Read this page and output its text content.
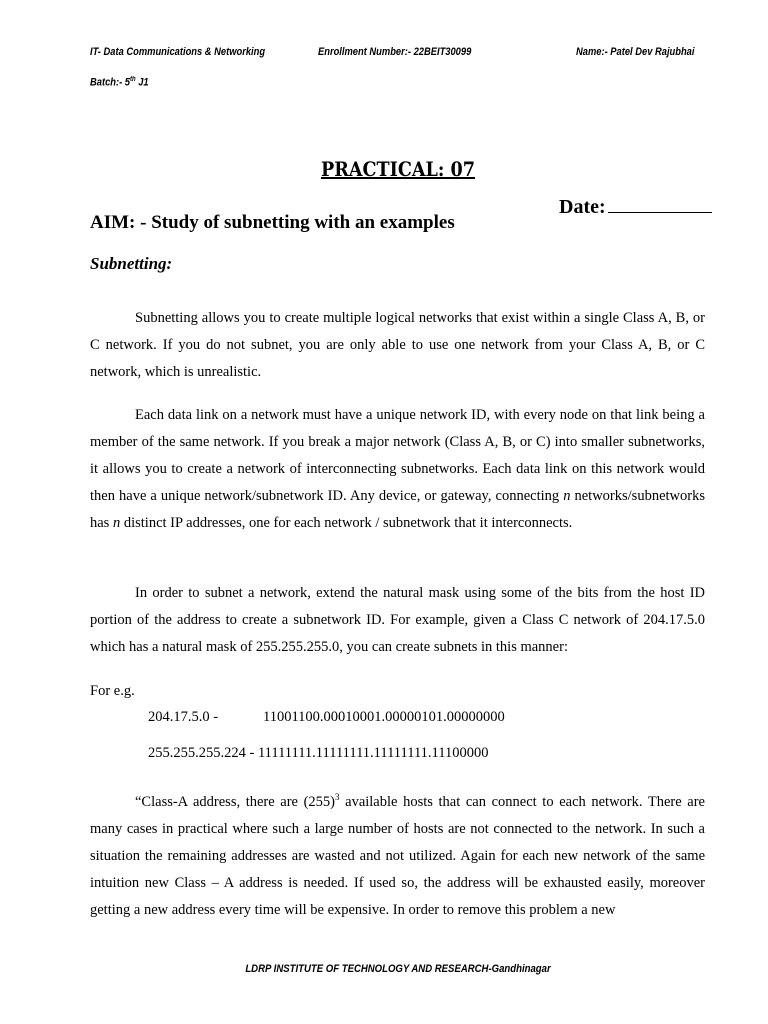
IT- Data Communications & Networking	Enrollment Number:- 22BEIT30099	Name:- Patel Dev Rajubhai
Batch:- 5th J1
PRACTICAL: 07
Date:
AIM: - Study of subnetting with an examples
Subnetting:

Subnetting allows you to create multiple logical networks that exist within a single Class A, B, or C network. If you do not subnet, you are only able to use one network from your Class A, B, or C network, which is unrealistic.

Each data link on a network must have a unique network ID, with every node on that link being a member of the same network. If you break a major network (Class A, B, or C) into smaller subnetworks, it allows you to create a network of interconnecting subnetworks. Each data link on this network would then have a unique network/subnetwork ID. Any device, or gateway, connecting n networks/subnetworks has n distinct IP addresses, one for each network / subnetwork that it interconnects.

In order to subnet a network, extend the natural mask using some of the bits from the host ID portion of the address to create a subnetwork ID. For example, given a Class C network of 204.17.5.0 which has a natural mask of 255.255.255.0, you can create subnets in this manner:

For e.g.
204.17.5.0 -	11001100.00010001.00000101.00000000
255.255.255.224 - 11111111.11111111.11111111.11100000

“Class-A address, there are $(255)^3$ available hosts that can connect to each network. There are many cases in practical where such a large number of hosts are not connected to the network. In such a situation the remaining addresses are wasted and not utilized. Again for each new network of the same intuition new Class – A address is needed. If used so, the address will be exhausted easily, moreover getting a new address every time will be expensive. In order to remove this problem a new

LDRP INSTITUTE OF TECHNOLOGY AND RESEARCH-Gandhinagar
